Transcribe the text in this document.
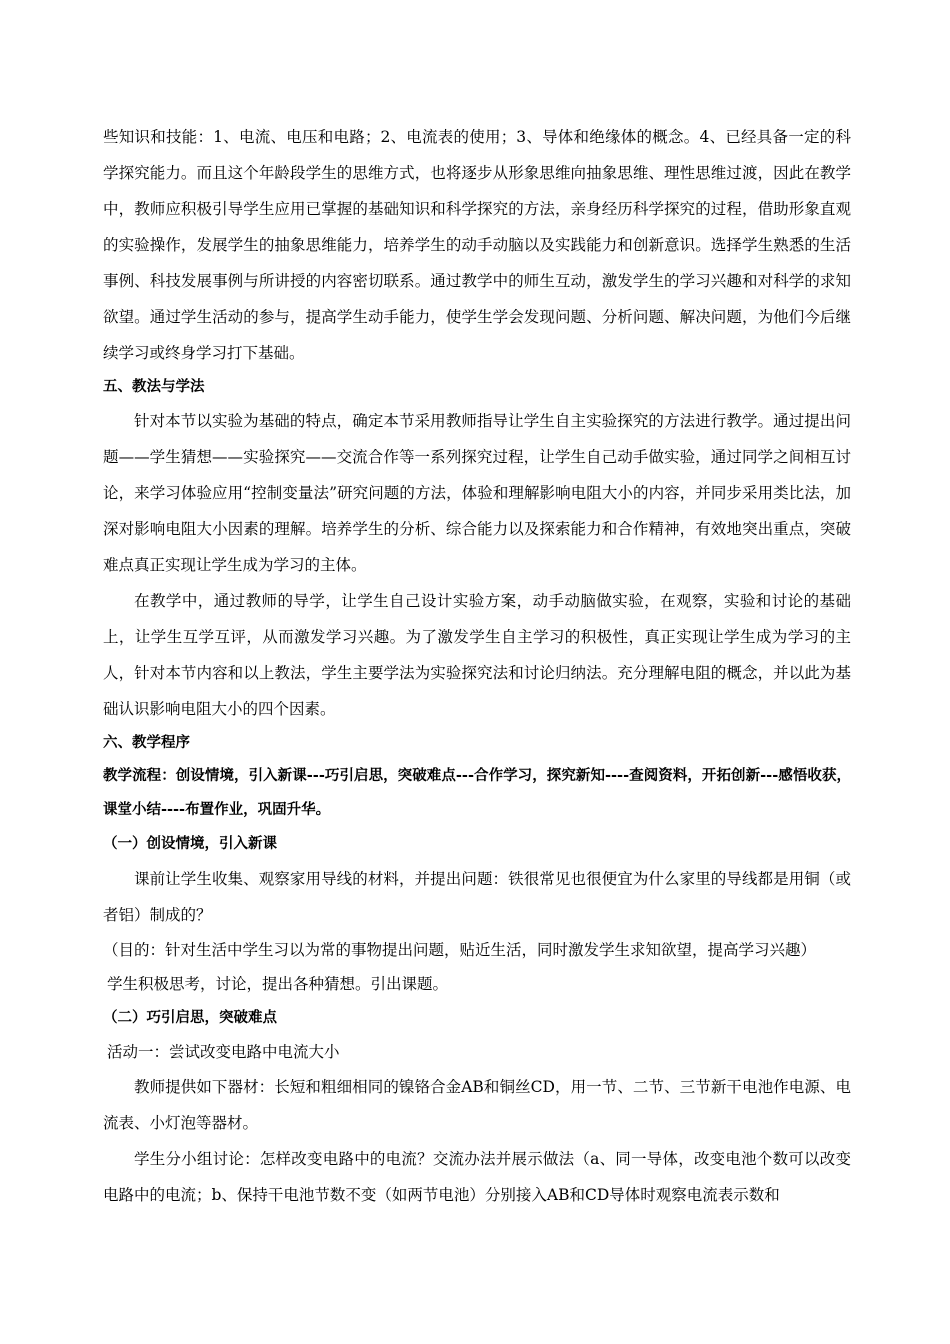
些知识和技能：1、电流、电压和电路；2、电流表的使用；3、导体和绝缘体的概念。4、已经具备一定的科学探究能力。而且这个年龄段学生的思维方式，也将逐步从形象思维向抽象思维、理性思维过渡，因此在教学中，教师应积极引导学生应用已掌握的基础知识和科学探究的方法，亲身经历科学探究的过程，借助形象直观的实验操作，发展学生的抽象思维能力，培养学生的动手动脑以及实践能力和创新意识。选择学生熟悉的生活事例、科技发展事例与所讲授的内容密切联系。通过教学中的师生互动，激发学生的学习兴趣和对科学的求知欲望。通过学生活动的参与，提高学生动手能力，使学生学会发现问题、分析问题、解决问题，为他们今后继续学习或终身学习打下基础。

五、教法与学法

针对本节以实验为基础的特点，确定本节采用教师指导让学生自主实验探究的方法进行教学。通过提出问题——学生猜想——实验探究——交流合作等一系列探究过程，让学生自己动手做实验，通过同学之间相互讨论，来学习体验应用“控制变量法”研究问题的方法，体验和理解影响电阻大小的内容，并同步采用类比法，加深对影响电阻大小因素的理解。培养学生的分析、综合能力以及探索能力和合作精神，有效地突出重点，突破难点真正实现让学生成为学习的主体。

在教学中，通过教师的导学，让学生自己设计实验方案，动手动脑做实验，在观察，实验和讨论的基础上，让学生互学互评，从而激发学习兴趣。为了激发学生自主学习的积极性，真正实现让学生成为学习的主人，针对本节内容和以上教法，学生主要学法为实验探究法和讨论归纳法。充分理解电阻的概念，并以此为基础认识影响电阻大小的四个因素。

六、教学程序

教学流程：创设情境，引入新课---巧引启思，突破难点---合作学习，探究新知----查阅资料，开拓创新---感悟收获，课堂小结----布置作业，巩固升华。

（一）创设情境，引入新课

课前让学生收集、观察家用导线的材料，并提出问题：铁很常见也很便宜为什么家里的导线都是用铜（或者铝）制成的？

（目的：针对生活中学生习以为常的事物提出问题，贴近生活，同时激发学生求知欲望，提高学习兴趣）

学生积极思考，讨论，提出各种猜想。引出课题。

（二）巧引启思，突破难点

活动一：尝试改变电路中电流大小

教师提供如下器材：长短和粗细相同的镍铬合金AB和铜丝CD，用一节、二节、三节新干电池作电源、电流表、小灯泡等器材。

学生分小组讨论：怎样改变电路中的电流？交流办法并展示做法（a、同一导体，改变电池个数可以改变电路中的电流；b、保持干电池节数不变（如两节电池）分别接入AB和CD导体时观察电流表示数和
